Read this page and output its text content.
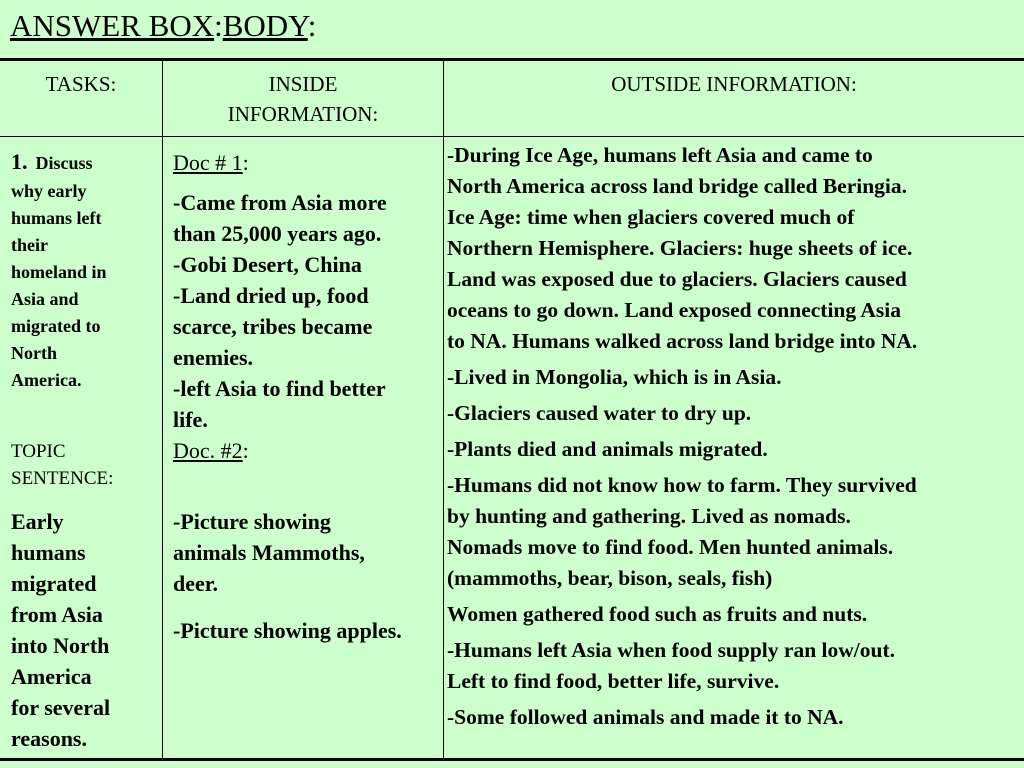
ANSWER BOX:BODY:
TASKS:	INSIDE
INFORMATION:
OUTSIDE INFORMATION:
1. Discuss
why early
humans left
their
homeland in
Asia and
migrated to
North
America.
TOPIC
SENTENCE:
Early
humans
migrated
from Asia
into North
America
for several
reasons.
Doc # 1:

-Came from Asia more

than 25,000 years ago.

-Gobi Desert, China

-Land dried up, food

scarce, tribes became

enemies.

-left Asia to find better

life.

Doc. #2:

-Picture showing

animals Mammoths,

deer.

-Picture showing apples.

-During Ice Age, humans left Asia and came to
North America across land bridge called Beringia.
Ice Age: time when glaciers covered much of
Northern Hemisphere. Glaciers: huge sheets of ice.
Land was exposed due to glaciers. Glaciers caused
oceans to go down. Land exposed connecting Asia
to NA. Humans walked across land bridge into NA.
-Lived in Mongolia, which is in Asia.
-Glaciers caused water to dry up.
-Plants died and animals migrated.
-Humans did not know how to farm. They survived
by hunting and gathering. Lived as nomads.
Nomads move to find food. Men hunted animals.
(mammoths, bear, bison, seals, fish)
Women gathered food such as fruits and nuts.
-Humans left Asia when food supply ran low/out.
Left to find food, better life, survive.
-Some followed animals and made it to NA.
